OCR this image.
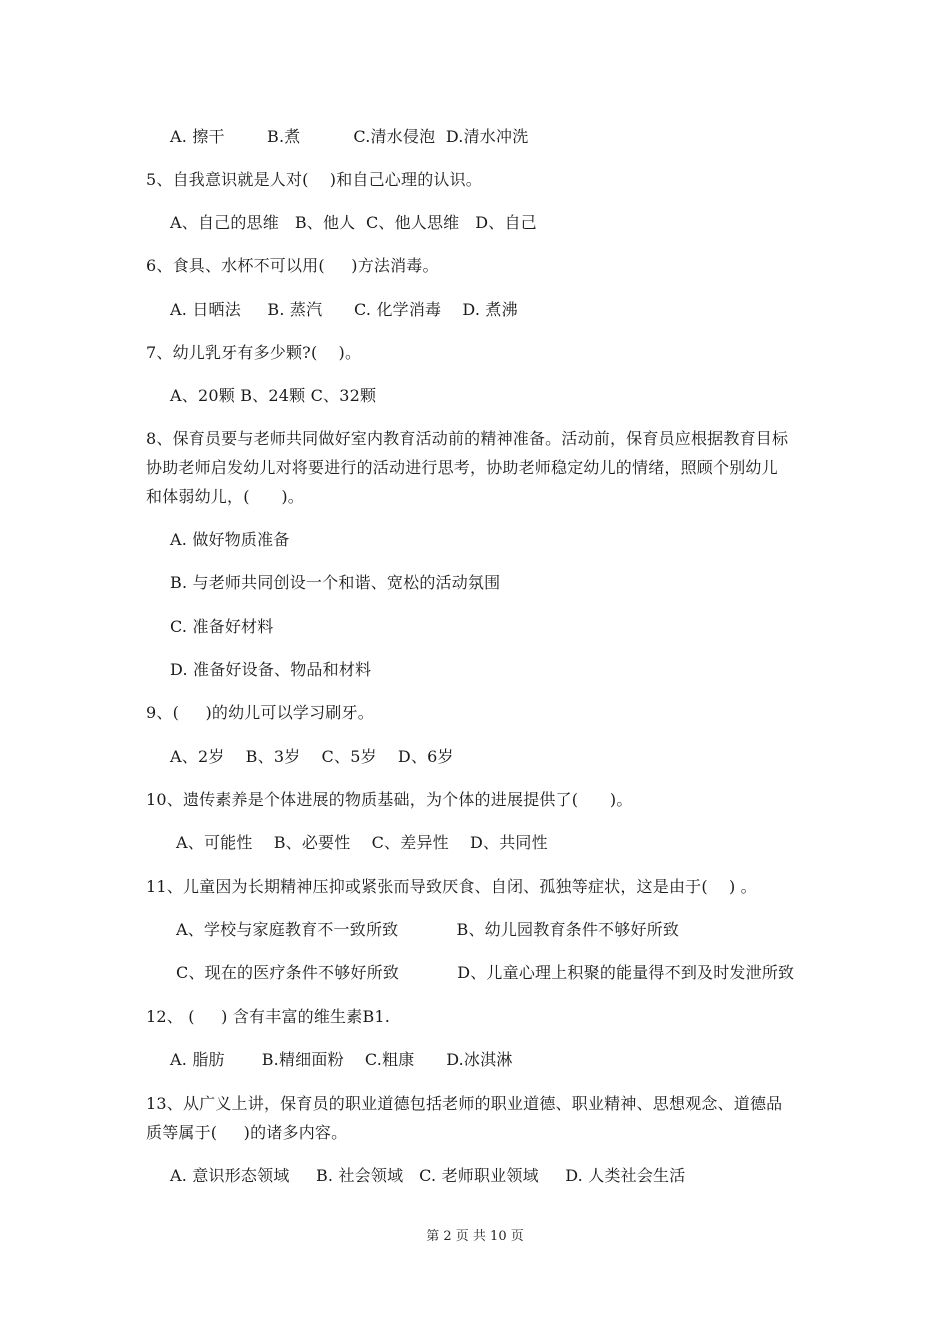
A. 擦干        B.煮          C.清水侵泡  D.清水冲洗
5、自我意识就是人对(    )和自己心理的认识。
A、自己的思维   B、他人  C、他人思维   D、自己
6、食具、水杯不可以用(     )方法消毒。
A. 日晒法     B. 蒸汽      C. 化学消毒    D. 煮沸
7、幼儿乳牙有多少颗?(    )。
A、20颗 B、24颗 C、32颗
8、保育员要与老师共同做好室内教育活动前的精神准备。活动前，保育员应根据教育目标
协助老师启发幼儿对将要进行的活动进行思考，协助老师稳定幼儿的情绪，照顾个别幼儿
和体弱幼儿，(      )。
A. 做好物质准备
B. 与老师共同创设一个和谐、宽松的活动氛围
C. 准备好材料
D. 准备好设备、物品和材料
9、(     )的幼儿可以学习刷牙。
A、2岁    B、3岁    C、5岁    D、6岁
10、遗传素养是个体进展的物质基础，为个体的进展提供了(      )。
A、可能性    B、必要性    C、差异性    D、共同性
11、儿童因为长期精神压抑或紧张而导致厌食、自闭、孤独等症状，这是由于(    ) 。
A、学校与家庭教育不一致所致           B、幼儿园教育条件不够好所致
C、现在的医疗条件不够好所致           D、儿童心理上积聚的能量得不到及时发泄所致
12、 (     ) 含有丰富的维生素B1.
A. 脂肪       B.精细面粉    C.粗康      D.冰淇淋
13、从广义上讲，保育员的职业道德包括老师的职业道德、职业精神、思想观念、道德品
质等属于(     )的诸多内容。
A. 意识形态领域     B. 社会领域   C. 老师职业领域     D. 人类社会生活
第 2 页 共 10 页
